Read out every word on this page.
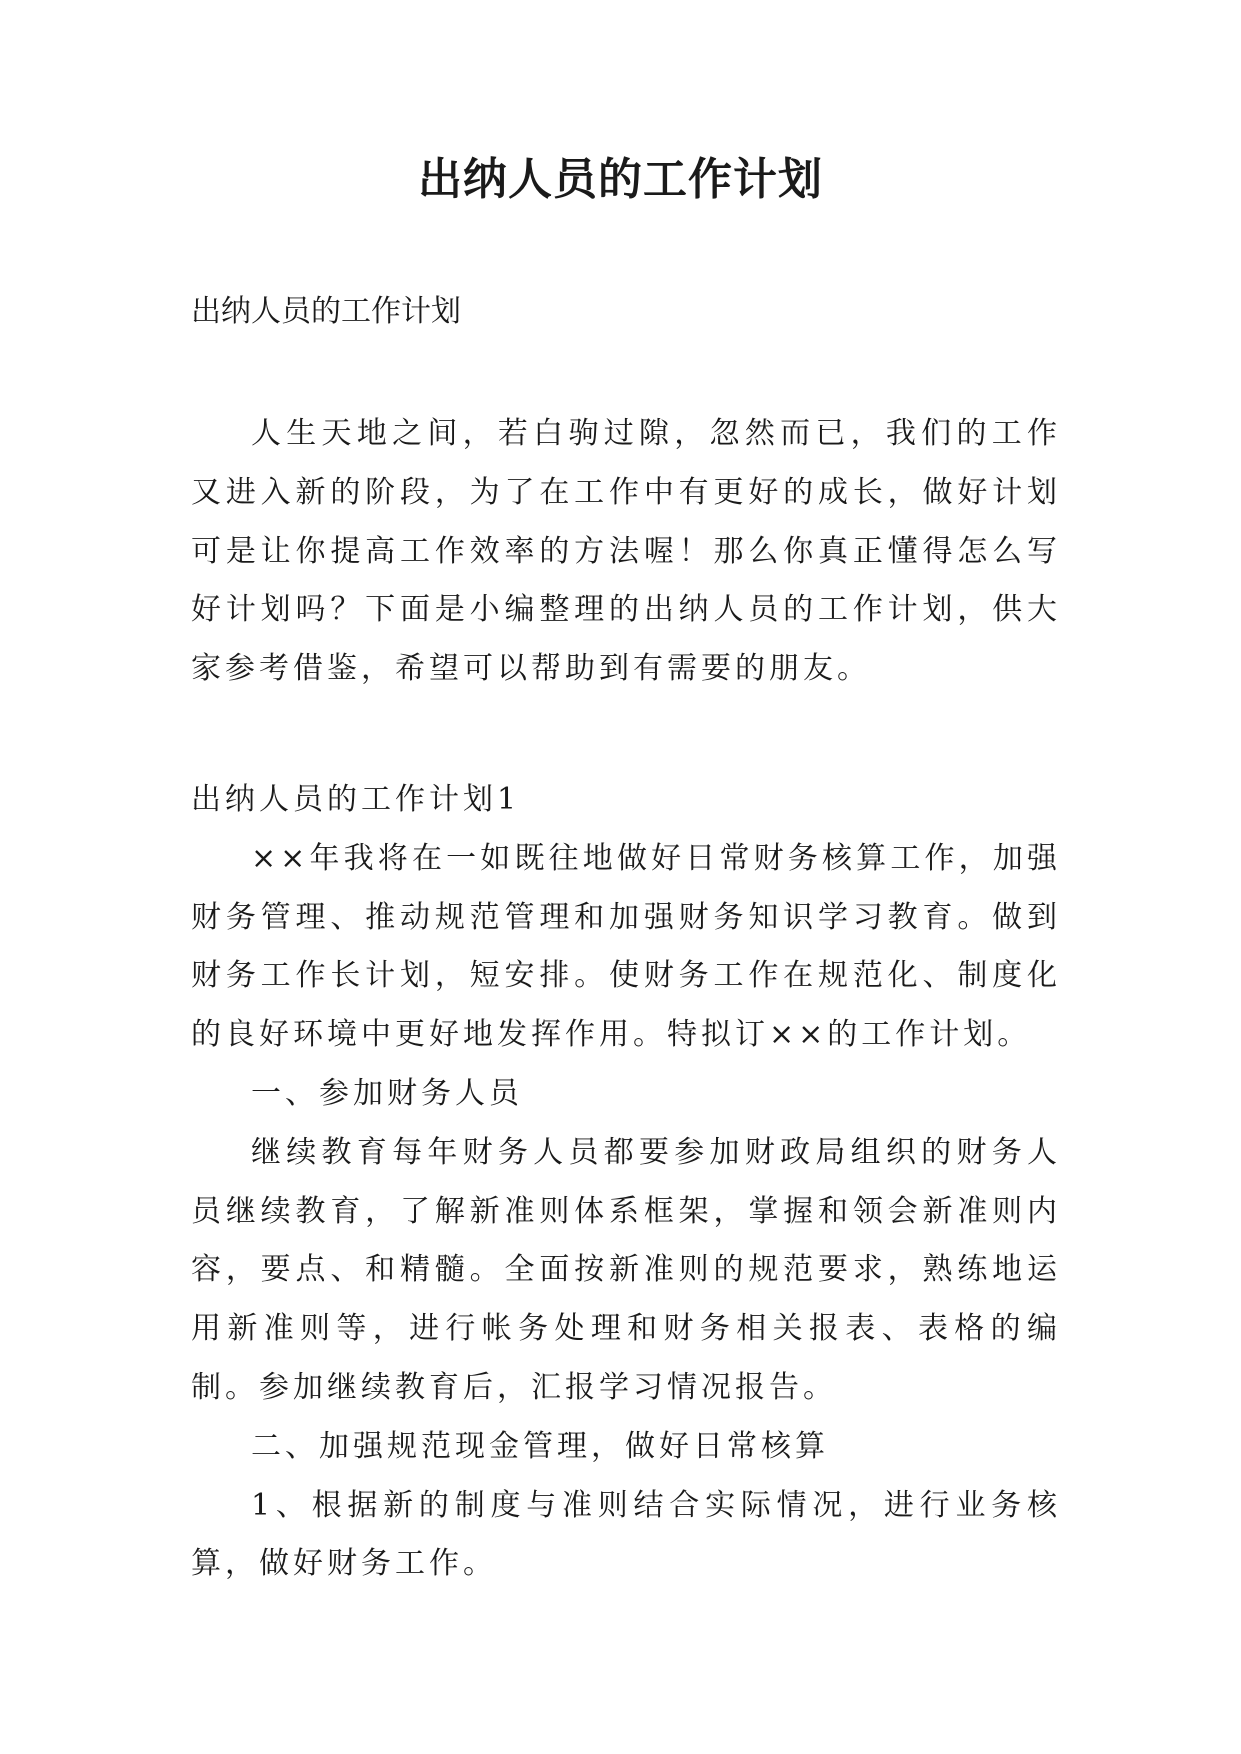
出纳人员的工作计划
出纳人员的工作计划

人生天地之间，若白驹过隙，忽然而已，我们的工作又进入新的阶段，为了在工作中有更好的成长，做好计划可是让你提高工作效率的方法喔！那么你真正懂得怎么写好计划吗？下面是小编整理的出纳人员的工作计划，供大家参考借鉴，希望可以帮助到有需要的朋友。

出纳人员的工作计划1

××年我将在一如既往地做好日常财务核算工作，加强财务管理、推动规范管理和加强财务知识学习教育。做到财务工作长计划，短安排。使财务工作在规范化、制度化的良好环境中更好地发挥作用。特拟订××的工作计划。

一、参加财务人员

继续教育每年财务人员都要参加财政局组织的财务人员继续教育，了解新准则体系框架，掌握和领会新准则内容，要点、和精髓。全面按新准则的规范要求，熟练地运用新准则等，进行帐务处理和财务相关报表、表格的编制。参加继续教育后，汇报学习情况报告。

二、加强规范现金管理，做好日常核算

1、根据新的制度与准则结合实际情况，进行业务核算，做好财务工作。
